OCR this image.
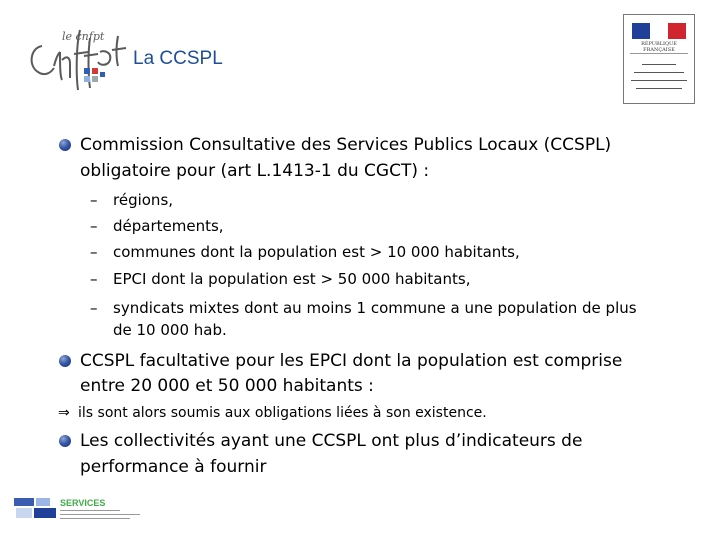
le cnfpt
La CCSPL
RÉPUBLIQUE FRANÇAISE
Commission Consultative des Services Publics Locaux (CCSPL)
obligatoire pour (art L.1413-1 du CGCT) :
– régions,
– départements,
– communes dont la population est > 10 000 habitants,
– EPCI dont la population est > 50 000 habitants,
– syndicats mixtes dont au moins 1 commune a une population de plus
de 10 000 hab.
CCSPL facultative pour les EPCI dont la population est comprise
entre 20 000 et 50 000 habitants :
⇒ ils sont alors soumis aux obligations liées à son existence.
Les collectivités ayant une CCSPL ont plus d’indicateurs de
performance à fournir
SERVICES
